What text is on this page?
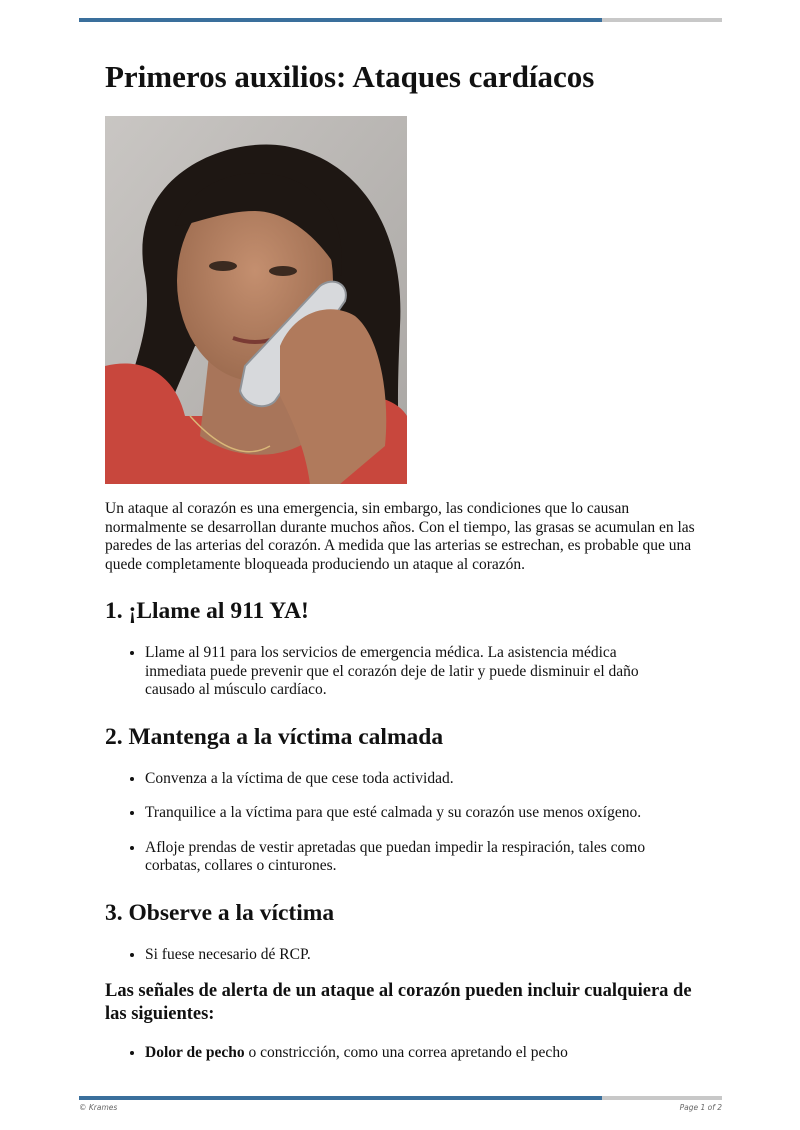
Primeros auxilios: Ataques cardíacos

Un ataque al corazón es una emergencia, sin embargo, las condiciones que lo causan normalmente se desarrollan durante muchos años. Con el tiempo, las grasas se acumulan en las paredes de las arterias del corazón. A medida que las arterias se estrechan, es probable que una quede completamente bloqueada produciendo un ataque al corazón.

1. ¡Llame al 911 YA!
• Llame al 911 para los servicios de emergencia médica. La asistencia médica inmediata puede prevenir que el corazón deje de latir y puede disminuir el daño causado al músculo cardíaco.
2. Mantenga a la víctima calmada
• Convenza a la víctima de que cese toda actividad.
• Tranquilice a la víctima para que esté calmada y su corazón use menos oxígeno.
• Afloje prendas de vestir apretadas que puedan impedir la respiración, tales como corbatas, collares o cinturones.
3. Observe a la víctima
• Si fuese necesario dé RCP.
Las señales de alerta de un ataque al corazón pueden incluir cualquiera de las siguientes:
• Dolor de pecho o constricción, como una correa apretando el pecho
© Krames	Page 1 of 2
